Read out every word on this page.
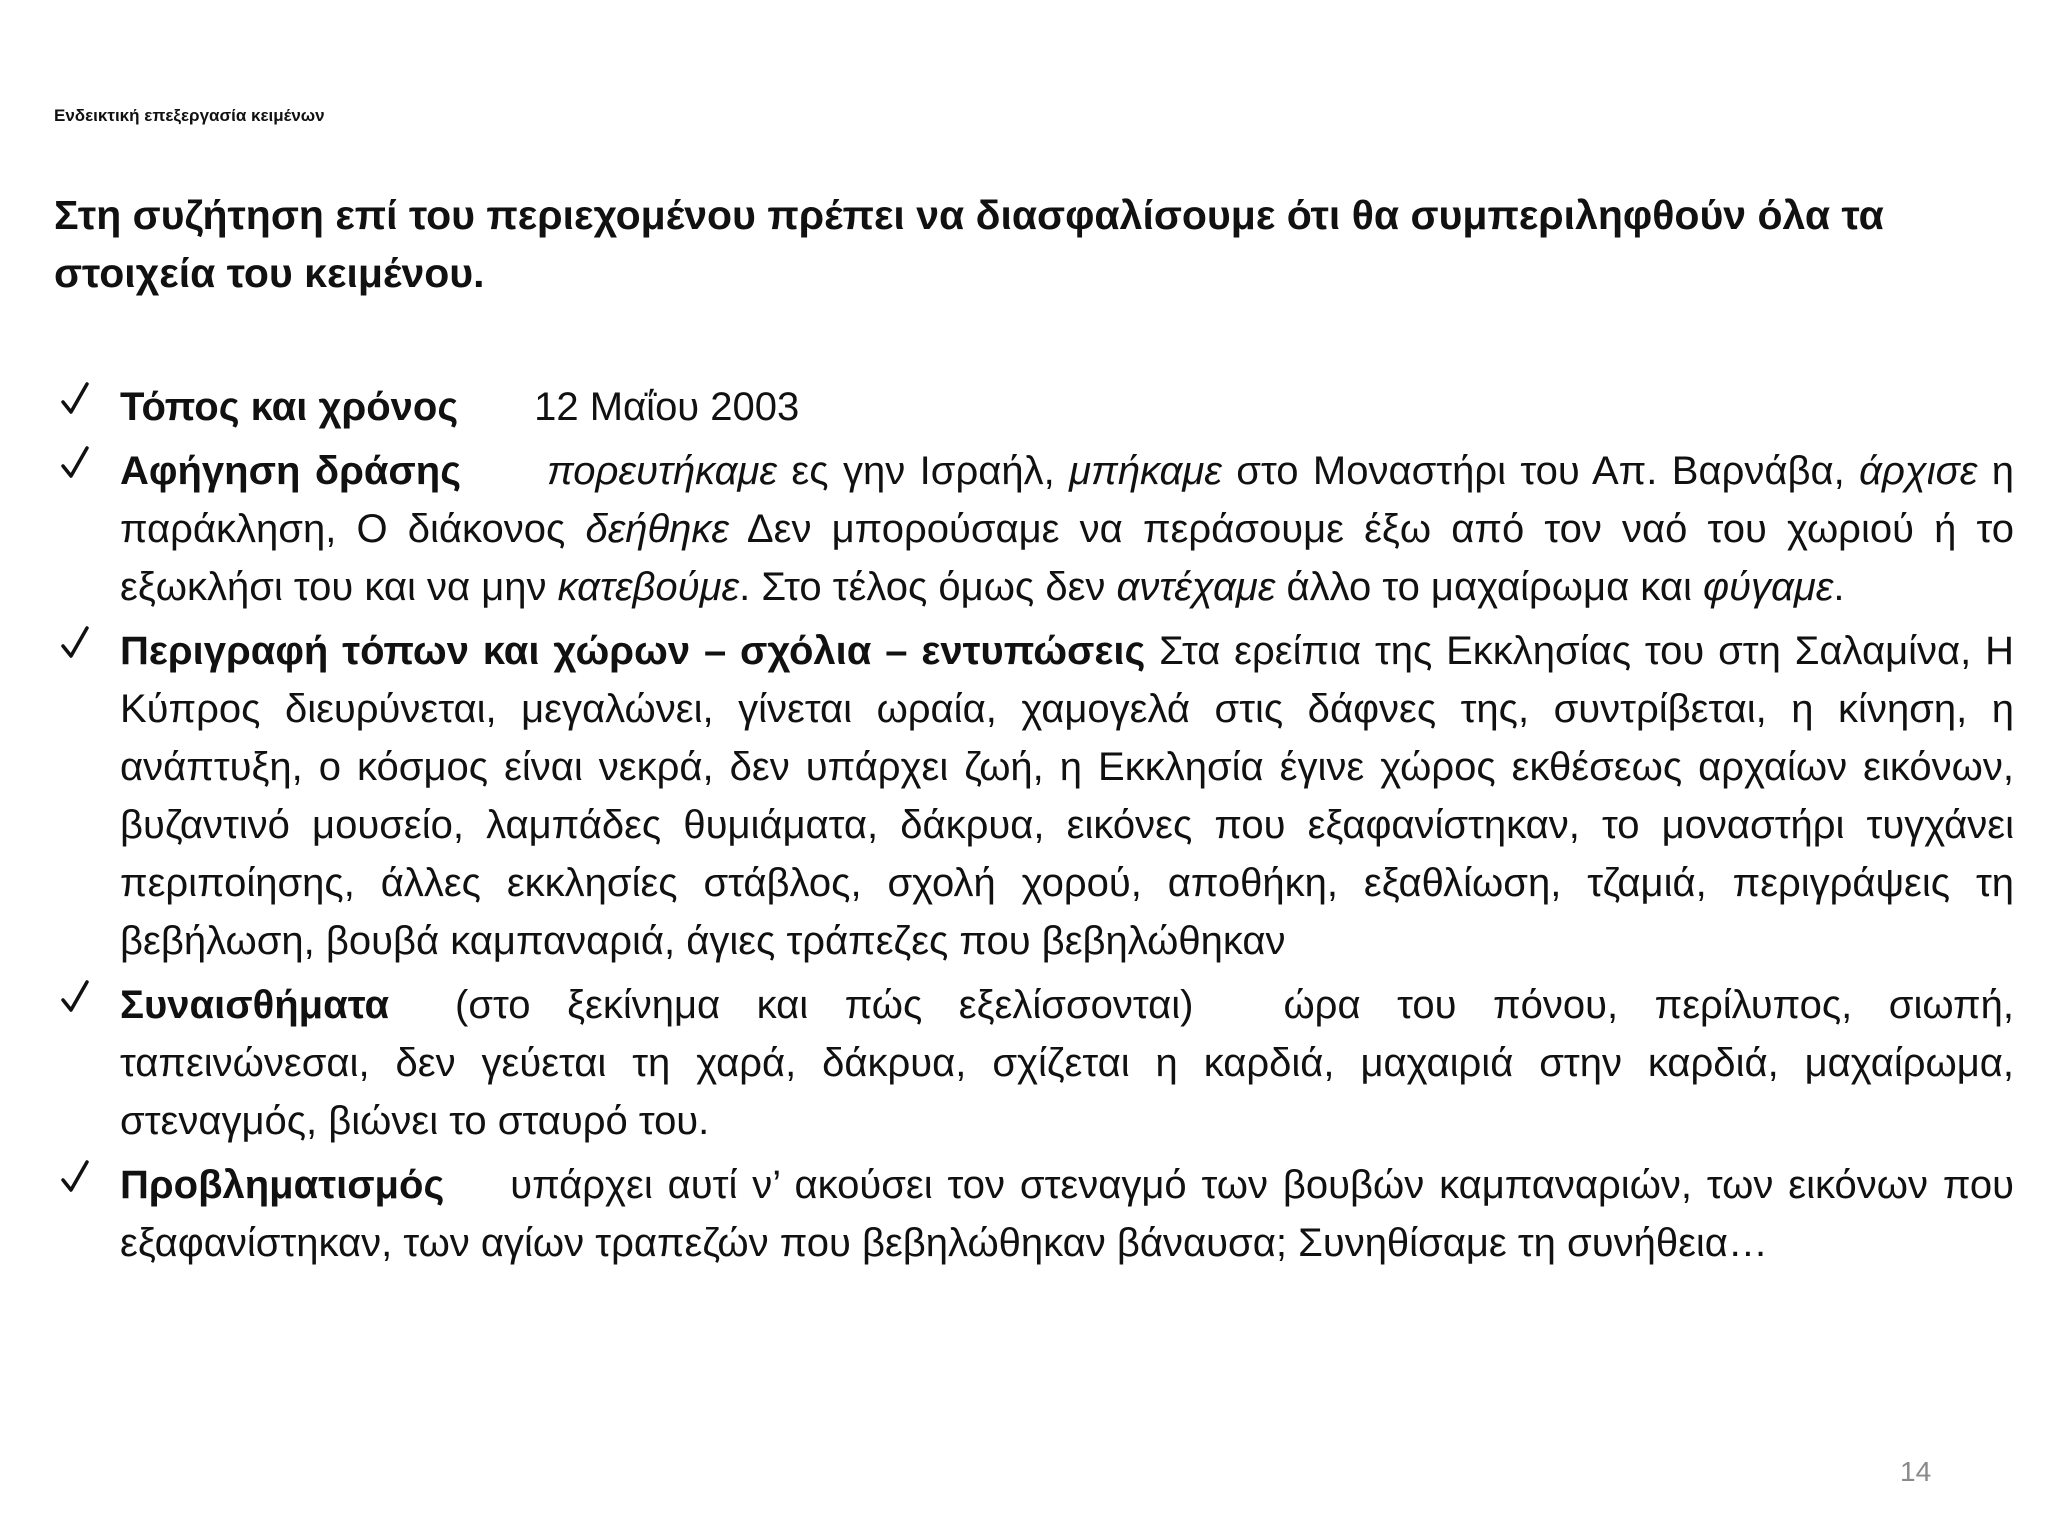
Ενδεικτική επεξεργασία κειμένων
Στη συζήτηση επί του περιεχομένου πρέπει να διασφαλίσουμε ότι θα συμπεριληφθούν όλα τα στοιχεία του κειμένου.
Τόπος και χρόνος 12 Μαΐου 2003
Αφήγηση δράσης πορευτήκαμε ες γην Ισραήλ, μπήκαμε στο Μοναστήρι του Απ. Βαρνάβα, άρχισε η παράκληση, Ο διάκονος δεήθηκε Δεν μπορούσαμε να περάσουμε έξω από τον ναό του χωριού ή το εξωκλήσι του και να μην κατεβούμε. Στο τέλος όμως δεν αντέχαμε άλλο το μαχαίρωμα και φύγαμε.
Περιγραφή τόπων και χώρων – σχόλια – εντυπώσεις Στα ερείπια της Εκκλησίας του στη Σαλαμίνα, Η Κύπρος διευρύνεται, μεγαλώνει, γίνεται ωραία, χαμογελά στις δάφνες της, συντρίβεται, η κίνηση, η ανάπτυξη, ο κόσμος είναι νεκρά, δεν υπάρχει ζωή, η Εκκλησία έγινε χώρος εκθέσεως αρχαίων εικόνων, βυζαντινό μουσείο, λαμπάδες θυμιάματα, δάκρυα, εικόνες που εξαφανίστηκαν, το μοναστήρι τυγχάνει περιποίησης, άλλες εκκλησίες στάβλος, σχολή χορού, αποθήκη, εξαθλίωση, τζαμιά, περιγράψεις τη βεβήλωση, βουβά καμπαναριά, άγιες τράπεζες που βεβηλώθηκαν
Συναισθήματα (στο ξεκίνημα και πώς εξελίσσονται) ώρα του πόνου, περίλυπος, σιωπή, ταπεινώνεσαι, δεν γεύεται τη χαρά, δάκρυα, σχίζεται η καρδιά, μαχαιριά στην καρδιά, μαχαίρωμα, στεναγμός, βιώνει το σταυρό του.
Προβληματισμός υπάρχει αυτί ν’ ακούσει τον στεναγμό των βουβών καμπαναριών, των εικόνων που εξαφανίστηκαν, των αγίων τραπεζών που βεβηλώθηκαν βάναυσα; Συνηθίσαμε τη συνήθεια…
14
